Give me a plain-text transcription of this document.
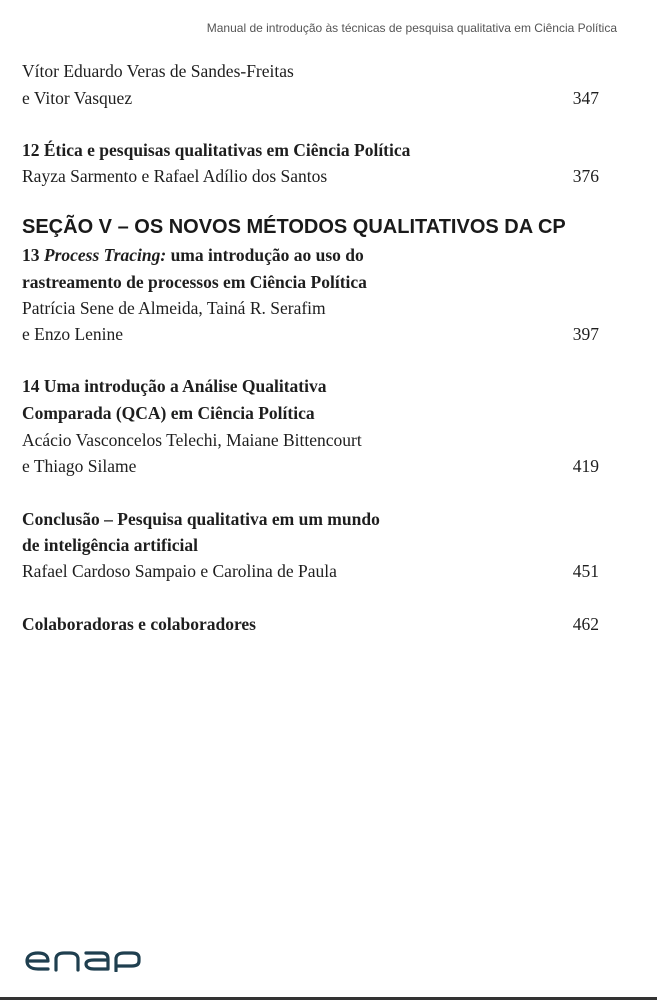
Manual de introdução às técnicas de pesquisa qualitativa em Ciência Política
Vítor Eduardo Veras de Sandes-Freitas
e Vitor Vasquez	347
12 Ética e pesquisas qualitativas em Ciência Política
Rayza Sarmento e Rafael Adílio dos Santos	376
SEÇÃO V – OS NOVOS MÉTODOS QUALITATIVOS DA CP
13 Process Tracing: uma introdução ao uso do
rastreamento de processos em Ciência Política
Patrícia Sene de Almeida, Tainá R. Serafim
e Enzo Lenine	397
14 Uma introdução a Análise Qualitativa
Comparada (QCA) em Ciência Política
Acácio Vasconcelos Telechi, Maiane Bittencourt
e Thiago Silame	419
Conclusão – Pesquisa qualitativa em um mundo
de inteligência artificial
Rafael Cardoso Sampaio e Carolina de Paula	451
Colaboradoras e colaboradores	462
